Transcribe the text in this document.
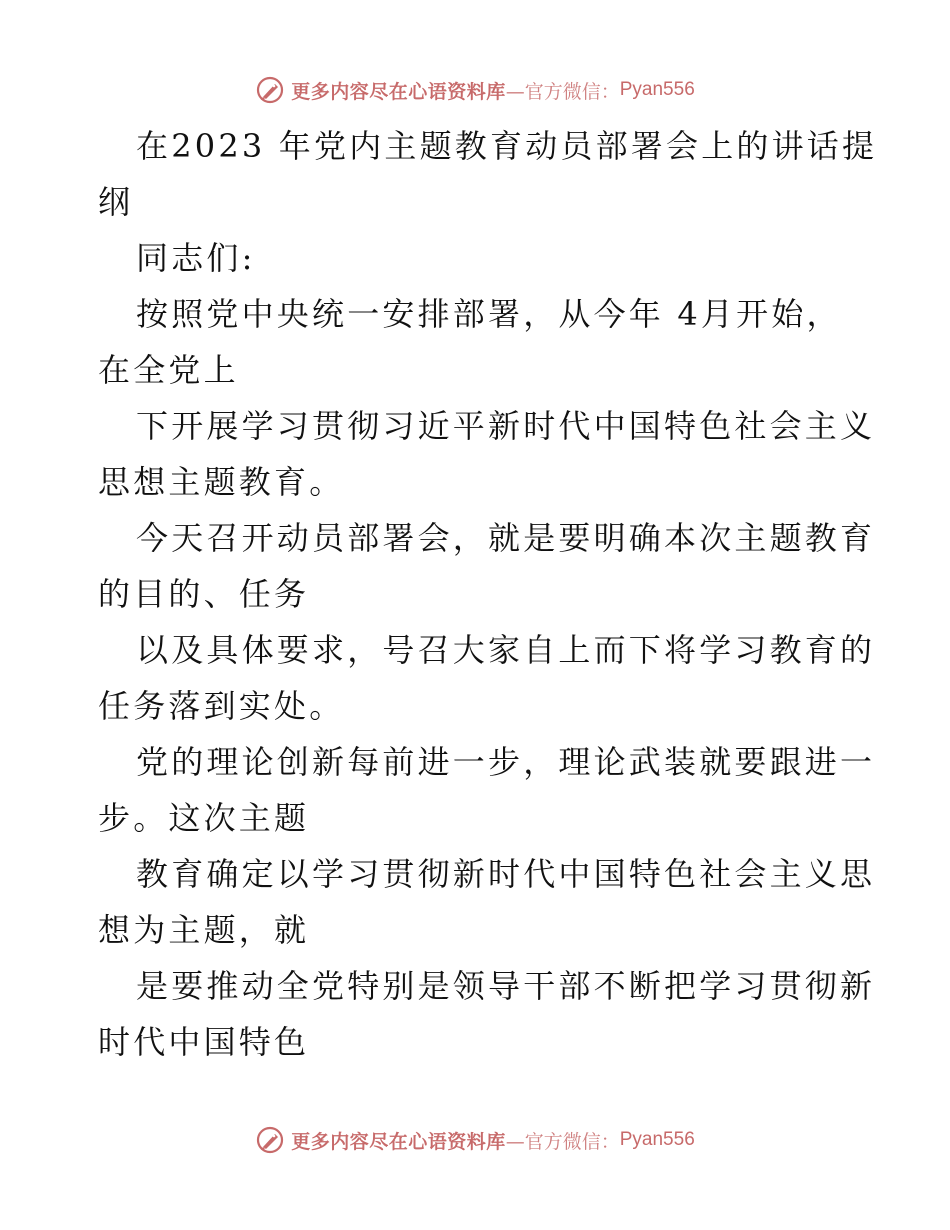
更多内容尽在心语资料库 —官方微信： Pyan556
在2023 年党内主题教育动员部署会上的讲话提
纲
同志们:
按照党中央统一安排部署，从今年 4月开始，
在全党上
下开展学习贯彻习近平新时代中国特色社会主义
思想主题教育。
今天召开动员部署会，就是要明确本次主题教育
的目的、任务
以及具体要求，号召大家自上而下将学习教育的
任务落到实处。
党的理论创新每前进一步，理论武装就要跟进一
步。这次主题
教育确定以学习贯彻新时代中国特色社会主义思
想为主题，就
是要推动全党特别是领导干部不断把学习贯彻新
时代中国特色
更多内容尽在心语资料库 —官方微信： Pyan556
